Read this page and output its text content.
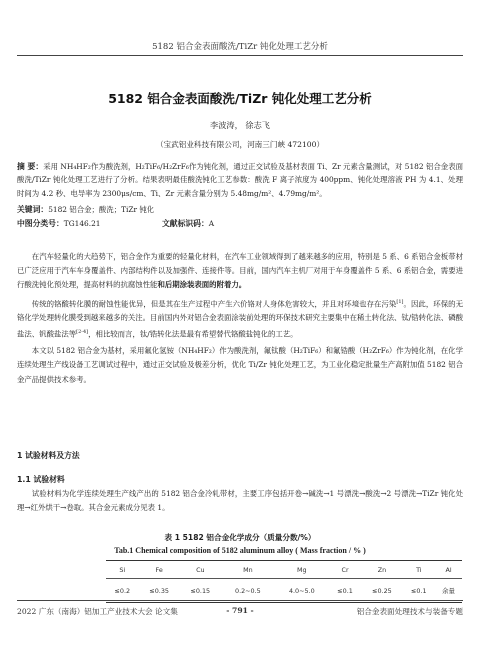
5182 铝合金表面酸洗/TiZr 钝化处理工艺分析
5182 铝合金表面酸洗/TiZr 钝化处理工艺分析
李波涛， 徐志飞
（宝武铝业科技有限公司，河南三门峡 472100）
摘 要：采用 NH₄HF₂作为酸洗剂，H₂TiF₆/H₂ZrF₆作为钝化剂，通过正交试验及基材表面 Ti、Zr 元素含量测试，对 5182 铝合金表面酸洗/TiZr 钝化处理工艺进行了分析。结果表明最佳酸洗钝化工艺参数：酸洗 F 离子浓度为 400ppm、钝化处理溶液 PH 为 4.1、处理时间为 4.2 秒、电导率为 2300μs/cm、Ti、Zr 元素含量分别为 5.48mg/m²、4.79mg/m²。
关键词：5182 铝合金；酸洗；TiZr 钝化
中图分类号：TG146.21	文献标识码：A

在汽车轻量化的大趋势下，铝合金作为重要的轻量化材料，在汽车工业领域得到了越来越多的应用，特别是 5 系、6 系铝合金板带材已广泛应用于汽车车身覆盖件、内部结构件以及加强件、连接件等。目前，国内汽车主机厂对用于车身覆盖件 5 系、6 系铝合金，需要进行酸洗钝化预处理，提高材料的抗腐蚀性能和后期涂装表面的附着力。

传统的铬酸转化膜的耐蚀性能优异，但是其在生产过程中产生六价铬对人身体危害较大，并且对环境也存在污染[1]。因此，环保的无铬化学处理转化膜受到越来越多的关注。目前国内外对铝合金表面涂装前处理的环保技术研究主要集中在稀土转化法、钛/锆转化法、磷酸盐法、钒酸盐法等[2-4]，相比较而言，钛/锆转化法是最有希望替代铬酸盐钝化的工艺。

本文以 5182 铝合金为基材，采用氟化氢铵（NH₄HF₂）作为酸洗剂，氟钛酸（H₂TiF₆）和氟锆酸（H₂ZrF₆）作为钝化剂，在化学连续处理生产线设备工艺调试过程中，通过正交试验及极差分析，优化 Ti/Zr 钝化处理工艺，为工业化稳定批量生产高附加值 5182 铝合金产品提供技术参考。

1 试验材料及方法
1.1 试验材料

试验材料为化学连续处理生产线产出的 5182 铝合金冷轧带材，主要工序包括开卷→碱洗→1 号漂洗→酸洗→2 号漂洗→TiZr 钝化处理→红外烘干→卷取。其合金元素成分见表 1。

表 1 5182 铝合金化学成分（质量分数/%）
Tab.1 Chemical composition of 5182 aluminum alloy ( Mass fraction / % )
Si	Fe	Cu	Mn	Mg	Cr	Zn	Ti	Al
≤0.2	≤0.35	≤0.15	0.2~0.5	4.0~5.0	≤0.1	≤0.25	≤0.1	余量
2022 广东（南海）铝加工产业技术大会 论文集	- 791 -	铝合金表面处理技术与装备专题
